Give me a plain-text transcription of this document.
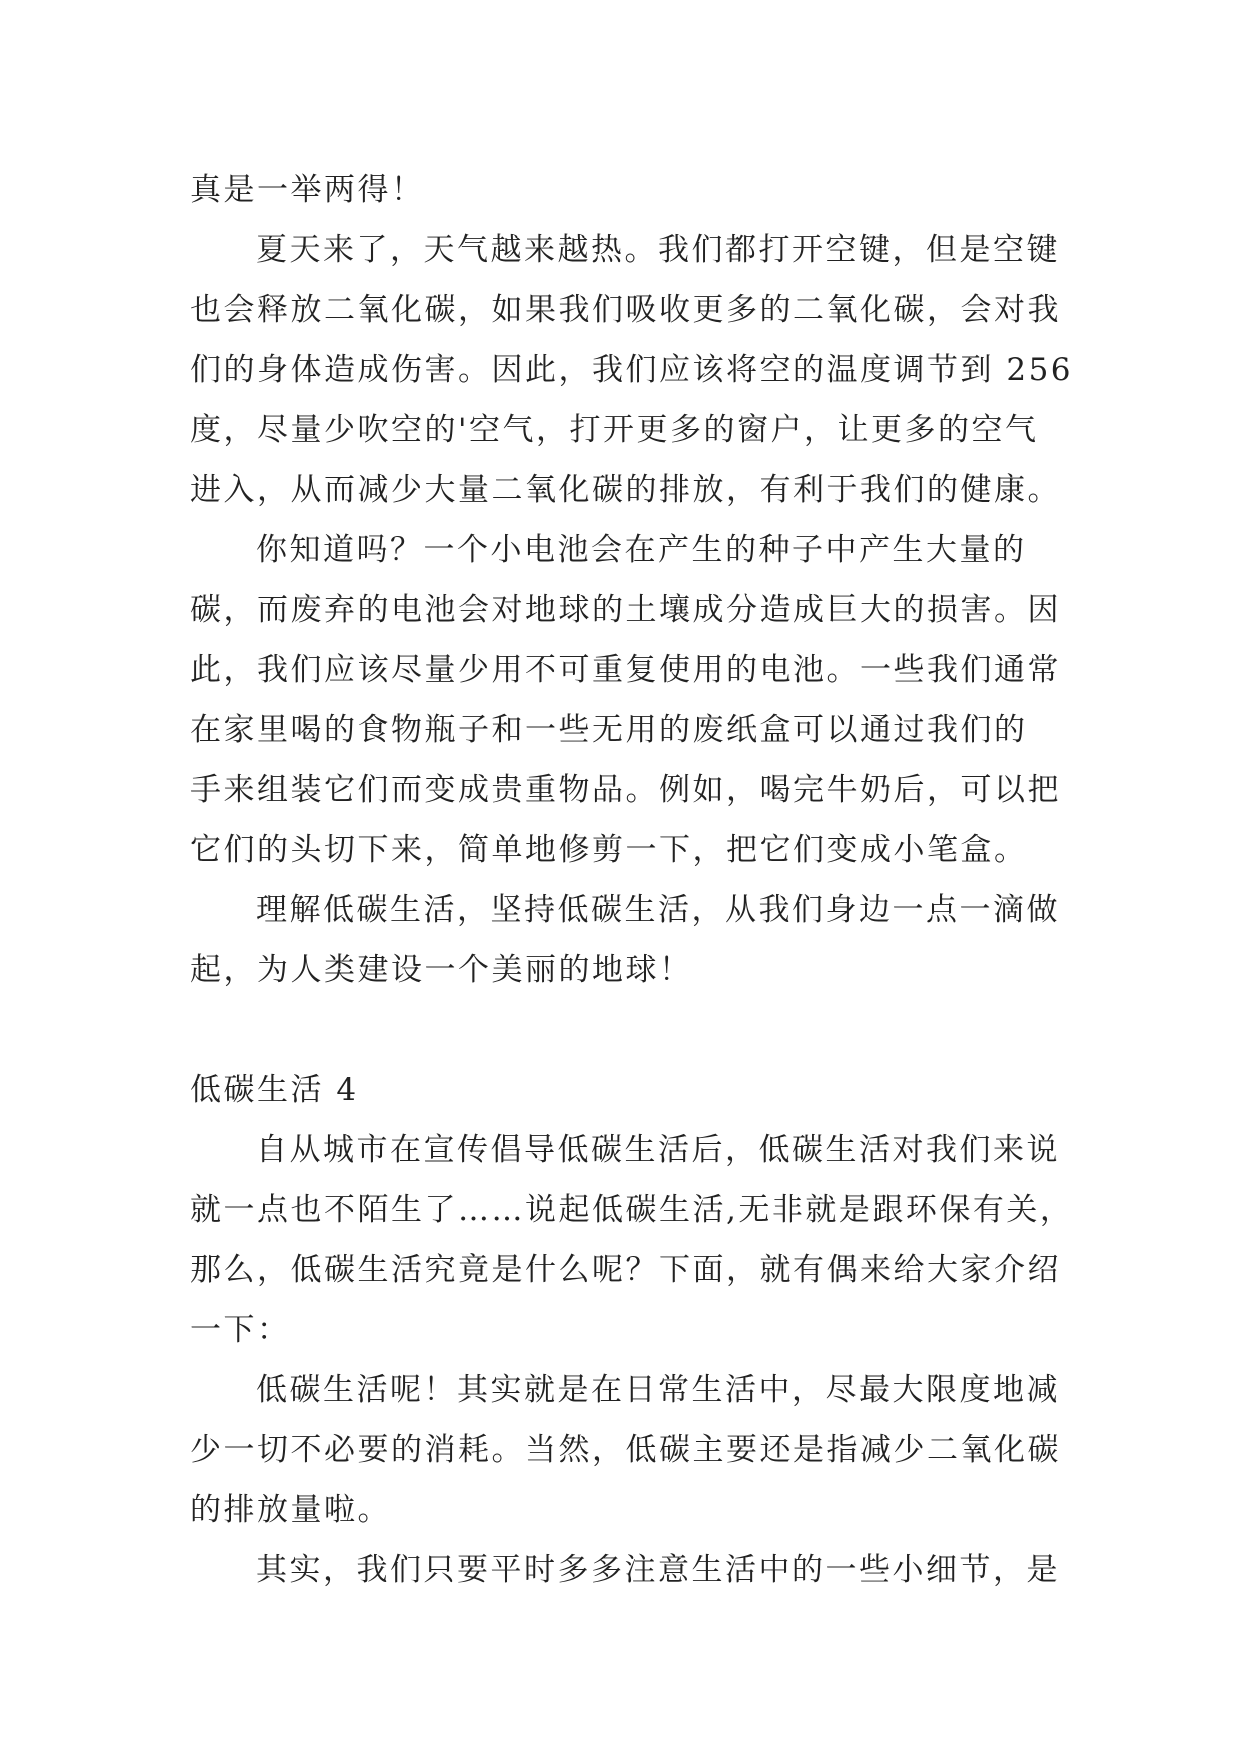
真是一举两得！

夏天来了，天气越来越热。我们都打开空键，但是空键

也会释放二氧化碳，如果我们吸收更多的二氧化碳，会对我

们的身体造成伤害。因此，我们应该将空的温度调节到 256

度，尽量少吹空的'空气，打开更多的窗户，让更多的空气

进入，从而减少大量二氧化碳的排放，有利于我们的健康。

你知道吗？一个小电池会在产生的种子中产生大量的

碳，而废弃的电池会对地球的土壤成分造成巨大的损害。因

此，我们应该尽量少用不可重复使用的电池。一些我们通常

在家里喝的食物瓶子和一些无用的废纸盒可以通过我们的

手来组装它们而变成贵重物品。例如，喝完牛奶后，可以把

它们的头切下来，简单地修剪一下，把它们变成小笔盒。

理解低碳生活，坚持低碳生活，从我们身边一点一滴做

起，为人类建设一个美丽的地球！

低碳生活 4

自从城市在宣传倡导低碳生活后，低碳生活对我们来说

就一点也不陌生了……说起低碳生活,无非就是跟环保有关，

那么，低碳生活究竟是什么呢？下面，就有偶来给大家介绍

一下：

低碳生活呢！其实就是在日常生活中，尽最大限度地减

少一切不必要的消耗。当然，低碳主要还是指减少二氧化碳

的排放量啦。

其实，我们只要平时多多注意生活中的一些小细节，是
